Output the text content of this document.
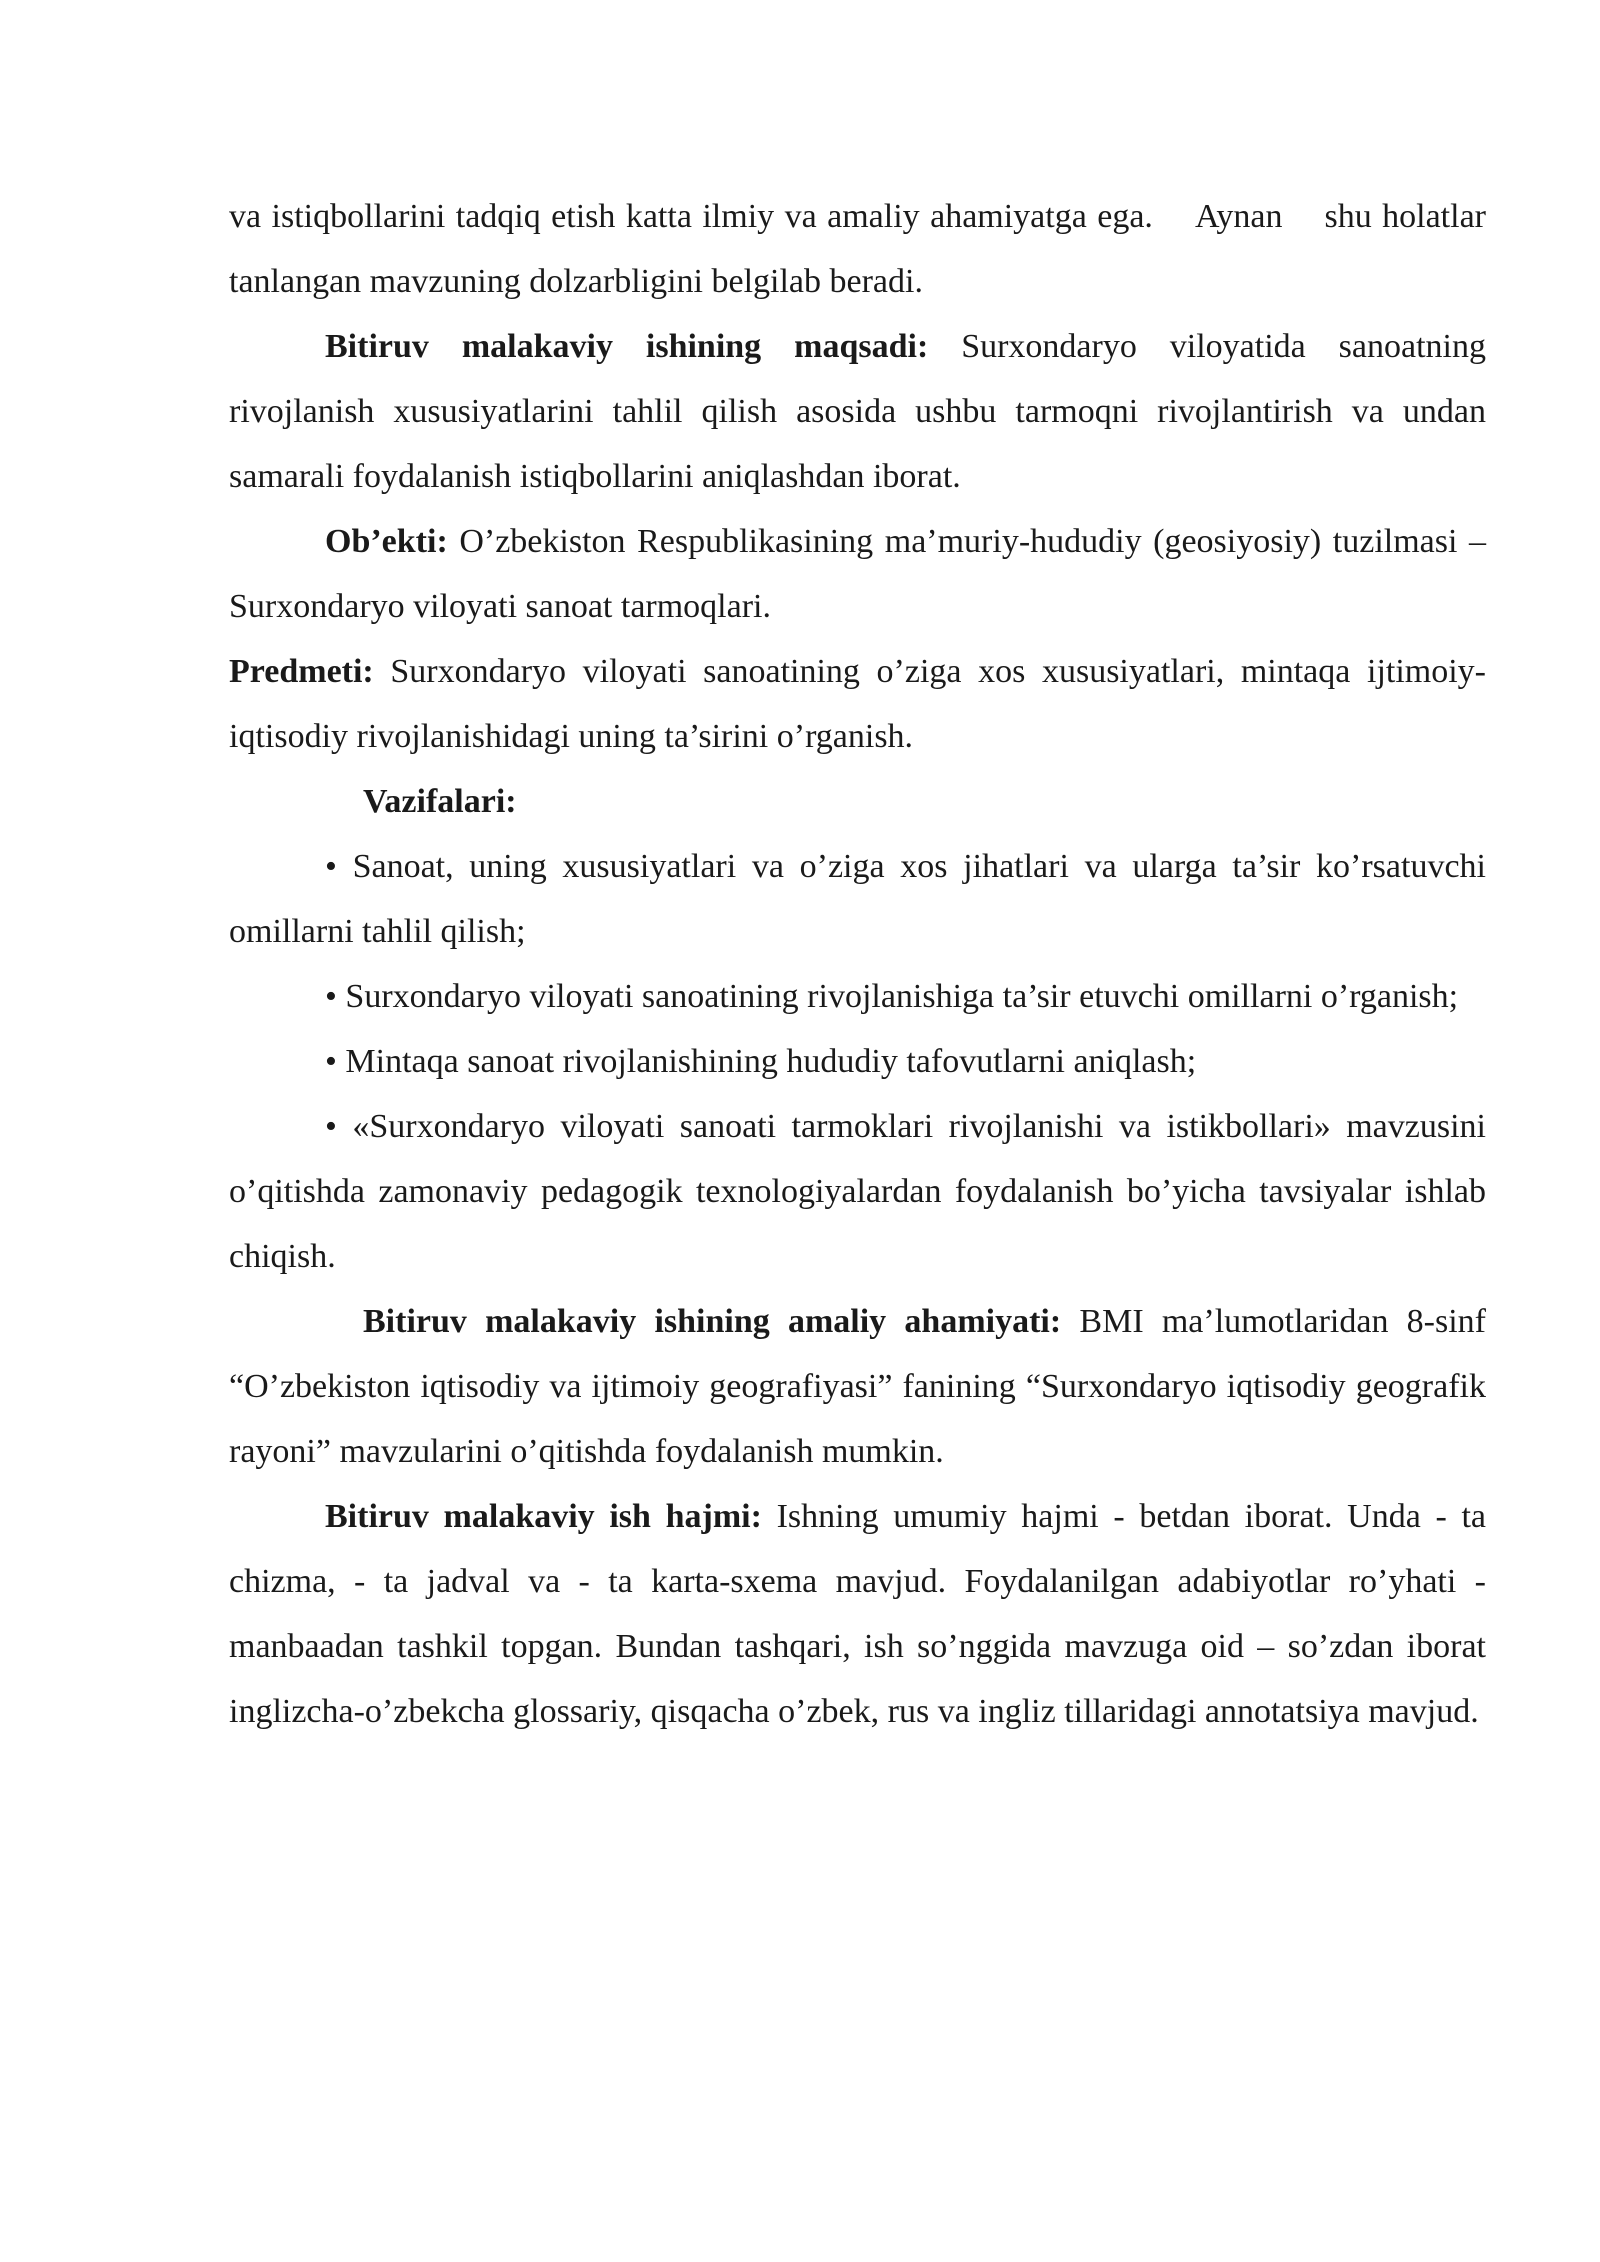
va istiqbollarini tadqiq etish katta ilmiy va amaliy ahamiyatga ega. Aynan shu holatlar tanlangan mavzuning dolzarbligini belgilab beradi.

Bitiruv malakaviy ishining maqsadi: Surxondaryo viloyatida sanoatning rivojlanish xususiyatlarini tahlil qilish asosida ushbu tarmoqni rivojlantirish va undan samarali foydalanish istiqbollarini aniqlashdan iborat.

Ob’ekti: O’zbekiston Respublikasining ma’muriy-hududiy (geosiyosiy) tuzilmasi – Surxondaryo viloyati sanoat tarmoqlari.

Predmeti: Surxondaryo viloyati sanoatining o’ziga xos xususiyatlari, mintaqa ijtimoiy-iqtisodiy rivojlanishidagi uning ta’sirini o’rganish.

Vazifalari:

• Sanoat, uning xususiyatlari va o’ziga xos jihatlari va ularga ta’sir ko’rsatuvchi omillarni tahlil qilish;

• Surxondaryo viloyati sanoatining rivojlanishiga ta’sir etuvchi omillarni o’rganish;

• Mintaqa sanoat rivojlanishining hududiy tafovutlarni aniqlash;

• «Surxondaryo viloyati sanoati tarmoklari rivojlanishi va istikbollari» mavzusini o’qitishda zamonaviy pedagogik texnologiyalardan foydalanish bo’yicha tavsiyalar ishlab chiqish.

Bitiruv malakaviy ishining amaliy ahamiyati: BMI ma’lumotlaridan 8-sinf “O’zbekiston iqtisodiy va ijtimoiy geografiyasi” fanining “Surxondaryo iqtisodiy geografik rayoni” mavzularini o’qitishda foydalanish mumkin.

Bitiruv malakaviy ish hajmi: Ishning umumiy hajmi - betdan iborat. Unda - ta chizma, - ta jadval va - ta karta-sxema mavjud. Foydalanilgan adabiyotlar ro’yhati -manbaadan tashkil topgan. Bundan tashqari, ish so’nggida mavzuga oid – so’zdan iborat inglizcha-o’zbekcha glossariy, qisqacha o’zbek, rus va ingliz tillaridagi annotatsiya mavjud.
